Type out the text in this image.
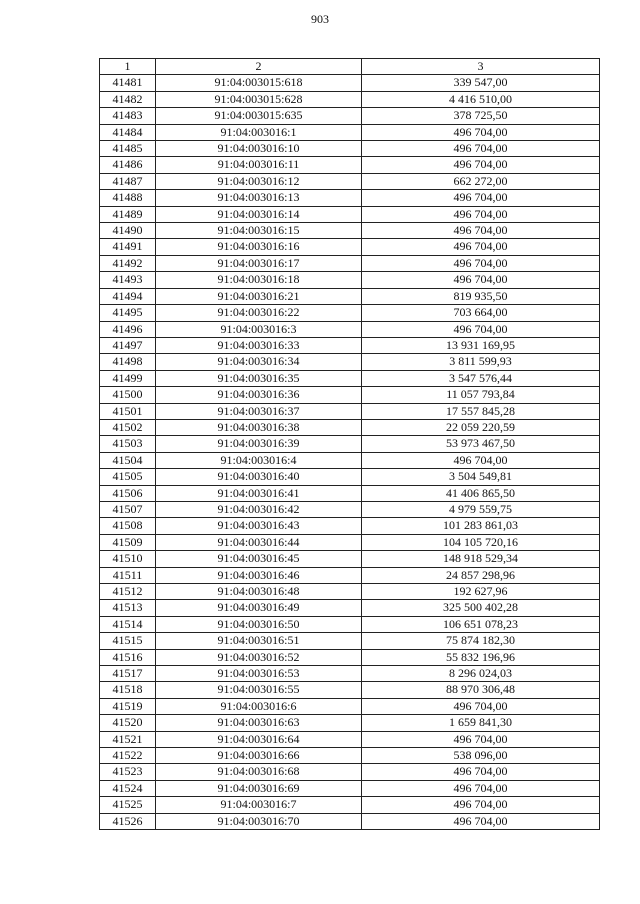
903
1	2	3
41481	91:04:003015:618	339 547,00
41482	91:04:003015:628	4 416 510,00
41483	91:04:003015:635	378 725,50
41484	91:04:003016:1	496 704,00
41485	91:04:003016:10	496 704,00
41486	91:04:003016:11	496 704,00
41487	91:04:003016:12	662 272,00
41488	91:04:003016:13	496 704,00
41489	91:04:003016:14	496 704,00
41490	91:04:003016:15	496 704,00
41491	91:04:003016:16	496 704,00
41492	91:04:003016:17	496 704,00
41493	91:04:003016:18	496 704,00
41494	91:04:003016:21	819 935,50
41495	91:04:003016:22	703 664,00
41496	91:04:003016:3	496 704,00
41497	91:04:003016:33	13 931 169,95
41498	91:04:003016:34	3 811 599,93
41499	91:04:003016:35	3 547 576,44
41500	91:04:003016:36	11 057 793,84
41501	91:04:003016:37	17 557 845,28
41502	91:04:003016:38	22 059 220,59
41503	91:04:003016:39	53 973 467,50
41504	91:04:003016:4	496 704,00
41505	91:04:003016:40	3 504 549,81
41506	91:04:003016:41	41 406 865,50
41507	91:04:003016:42	4 979 559,75
41508	91:04:003016:43	101 283 861,03
41509	91:04:003016:44	104 105 720,16
41510	91:04:003016:45	148 918 529,34
41511	91:04:003016:46	24 857 298,96
41512	91:04:003016:48	192 627,96
41513	91:04:003016:49	325 500 402,28
41514	91:04:003016:50	106 651 078,23
41515	91:04:003016:51	75 874 182,30
41516	91:04:003016:52	55 832 196,96
41517	91:04:003016:53	8 296 024,03
41518	91:04:003016:55	88 970 306,48
41519	91:04:003016:6	496 704,00
41520	91:04:003016:63	1 659 841,30
41521	91:04:003016:64	496 704,00
41522	91:04:003016:66	538 096,00
41523	91:04:003016:68	496 704,00
41524	91:04:003016:69	496 704,00
41525	91:04:003016:7	496 704,00
41526	91:04:003016:70	496 704,00
